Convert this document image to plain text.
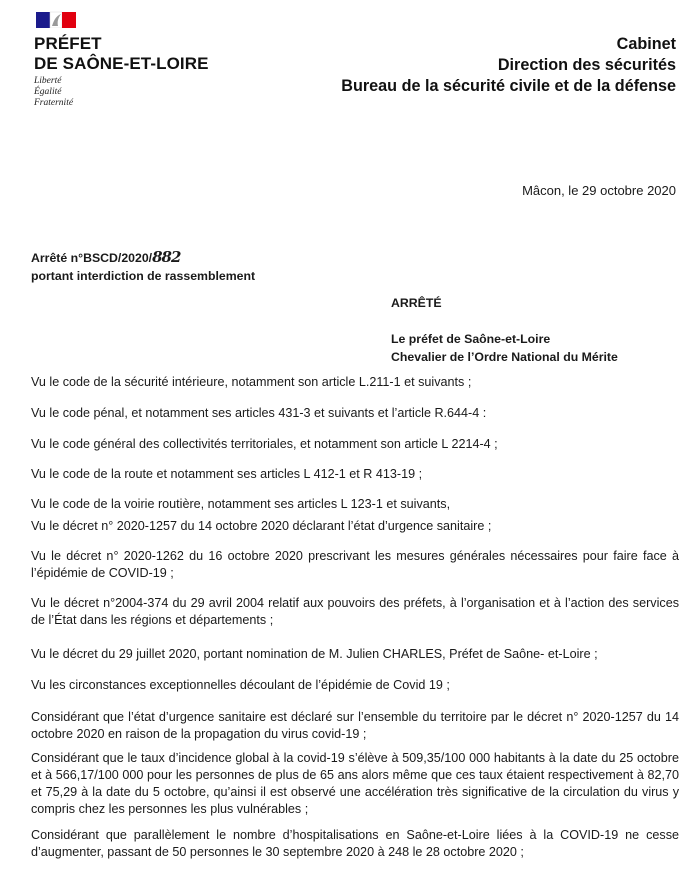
PRÉFET
DE SAÔNE-ET-LOIRE
Liberté
Égalité
Fraternité
Cabinet
Direction des sécurités
Bureau de la sécurité civile et de la défense
Mâcon, le 29 octobre 2020
Arrêté n°BSCD/2020/882
portant interdiction de rassemblement
ARRÊTÉ
Le préfet de Saône-et-Loire
Chevalier de l’Ordre National du Mérite
Vu le code de la sécurité intérieure, notamment son article L.211-1 et suivants ;
Vu le code pénal, et notamment ses articles 431-3 et suivants et l’article R.644-4 :
Vu le code général des collectivités territoriales, et notamment son article L 2214-4 ;
Vu le code de la route et notamment ses articles L 412-1 et R 413-19 ;
Vu le code de la voirie routière, notamment ses articles L 123-1 et suivants,
Vu le décret n° 2020-1257 du 14 octobre 2020 déclarant l’état d’urgence sanitaire ;
Vu le décret n° 2020-1262 du 16 octobre 2020 prescrivant les mesures générales nécessaires pour faire face à l’épidémie de COVID-19 ;
Vu le décret n°2004-374 du 29 avril 2004 relatif aux pouvoirs des préfets, à l’organisation et à l’action des services de l’État dans les régions et départements ;
Vu le décret du 29 juillet 2020, portant nomination de M. Julien CHARLES, Préfet de Saône- et-Loire ;
Vu les circonstances exceptionnelles découlant de l’épidémie de Covid 19 ;
Considérant que l’état d’urgence sanitaire est déclaré sur l’ensemble du territoire par le décret n° 2020-1257 du 14 octobre 2020 en raison de la propagation du virus covid-19 ;
Considérant que le taux d’incidence global à la covid-19 s’élève à 509,35/100 000 habitants à la date du 25 octobre et à 566,17/100 000 pour les personnes de plus de 65 ans alors même que ces taux étaient respectivement à 82,70 et 75,29 à la date du 5 octobre, qu’ainsi il est observé une accélération très significative de la circulation du virus y compris chez les personnes les plus vulnérables ;
Considérant que parallèlement le nombre d’hospitalisations en Saône-et-Loire liées à la COVID-19 ne cesse d’augmenter, passant de 50 personnes le 30 septembre 2020 à 248 le 28 octobre 2020 ;
